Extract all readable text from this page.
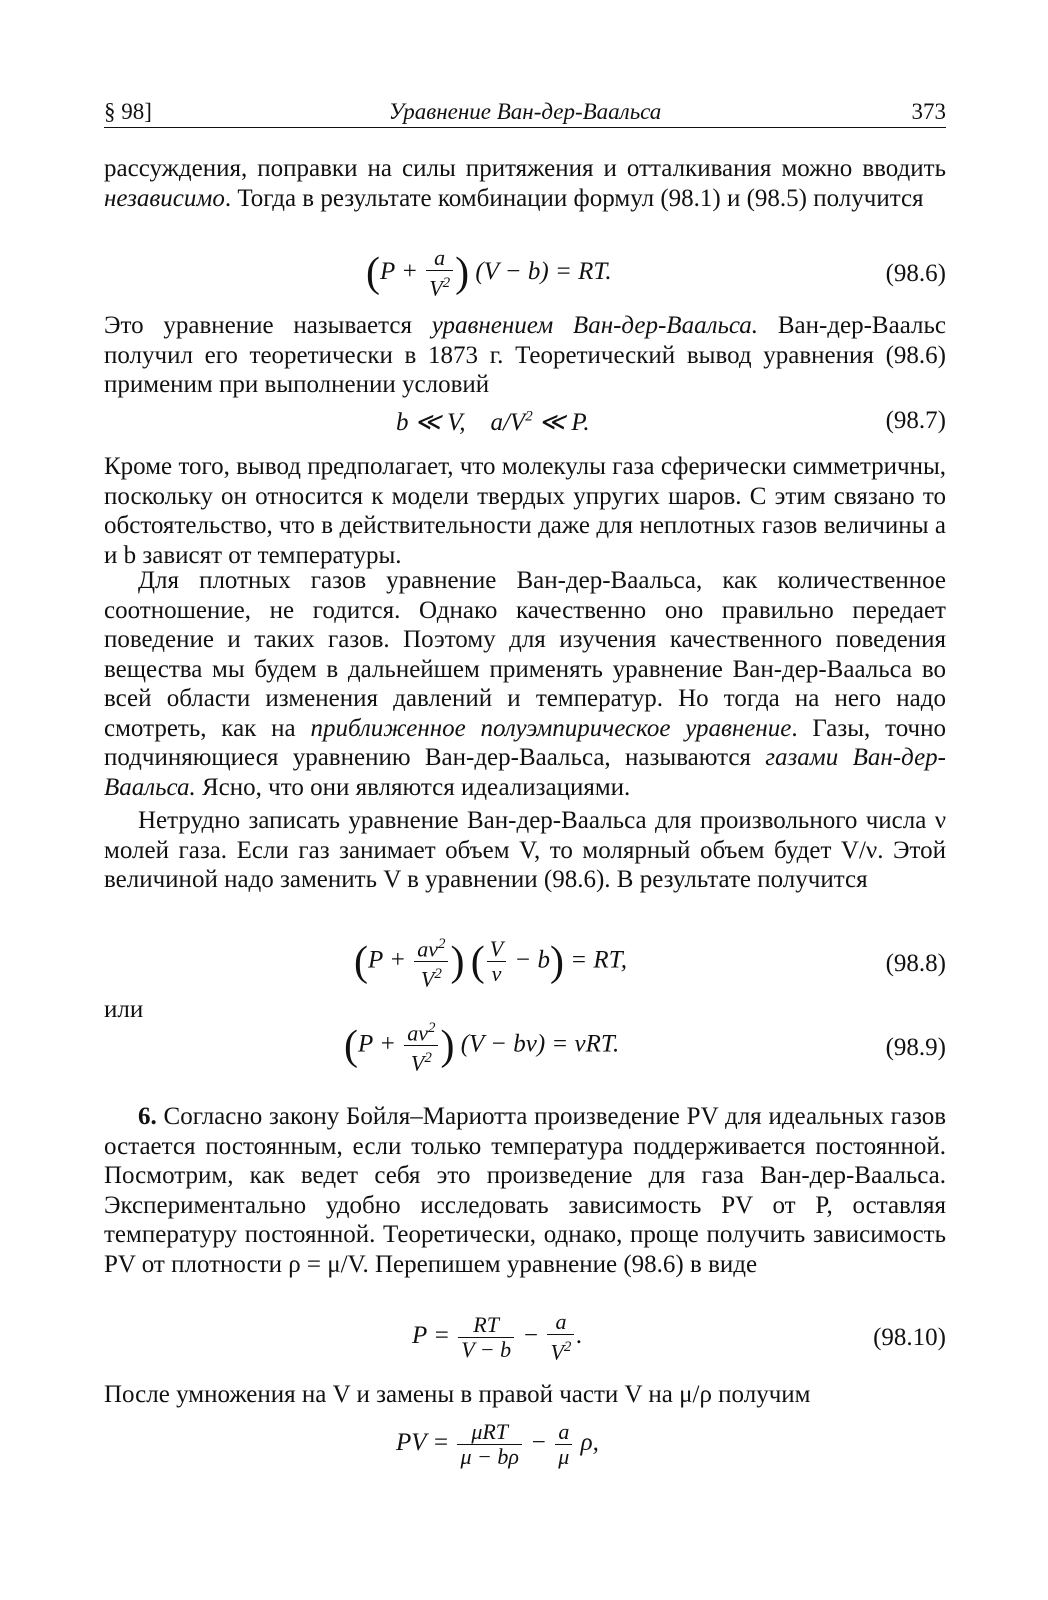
§ 98]	Уравнение Ван-дер-Ваальса	373

рассуждения, поправки на силы притяжения и отталкивания можно вводить независимо. Тогда в результате комбинации формул (98.1) и (98.5) получится

($P + \frac{a}{V^2}$ ) (V − b) = RT.	(98.6)

Это уравнение называется уравнением Ван-дер-Ваальса. Ван-дер-Ваальс получил его теоретически в 1873 г. Теоретический вывод уравнения (98.6) применим при выполнении условий

b ≪ V,    $a/V^2$ ≪ P.	(98.7)

Кроме того, вывод предполагает, что молекулы газа сферически симметричны, поскольку он относится к модели твердых упругих шаров. С этим связано то обстоятельство, что в действительности даже для неплотных газов величины a и b зависят от температуры.

Для плотных газов уравнение Ван-дер-Ваальса, как количественное соотношение, не годится. Однако качественно оно правильно передает поведение и таких газов. Поэтому для изучения качественного поведения вещества мы будем в дальнейшем применять уравнение Ван-дер-Ваальса во всей области изменения давлений и температур. Но тогда на него надо смотреть, как на приближенное полуэмпирическое уравнение. Газы, точно подчиняющиеся уравнению Ван-дер-Ваальса, называются газами Ван-дер-Ваальса. Ясно, что они являются идеализациями.

Нетрудно записать уравнение Ван-дер-Ваальса для произвольного числа ν молей газа. Если газ занимает объем V, то молярный объем будет V/ν. Этой величиной надо заменить V в уравнении (98.6). В результате получится

($P + \frac{a\nu^2}{V^2}$ ) ( $\frac{V}{\nu} - b$) = RT,	(98.8)
или
($P + \frac{a\nu^2}{V^2}$ ) (V − bν) = νRT.	(98.9)

6. Согласно закону Бойля–Мариотта произведение PV для идеальных газов остается постоянным, если только температура поддерживается постоянной. Посмотрим, как ведет себя это произведение для газа Ван-дер-Ваальса. Экспериментально удобно исследовать зависимость PV от P, оставляя температуру постоянной. Теоретически, однако, проще получить зависимость PV от плотности ρ = μ/V. Перепишем уравнение (98.6) в виде

$P = \frac{RT}{V - b} - \frac{a}{V^2}$ .	(98.10)

После умножения на V и замены в правой части V на μ/ρ получим

PV = $\frac{\text{μRT}}{\mu - b\rho} - \frac{a}{\mu} \rho$,
